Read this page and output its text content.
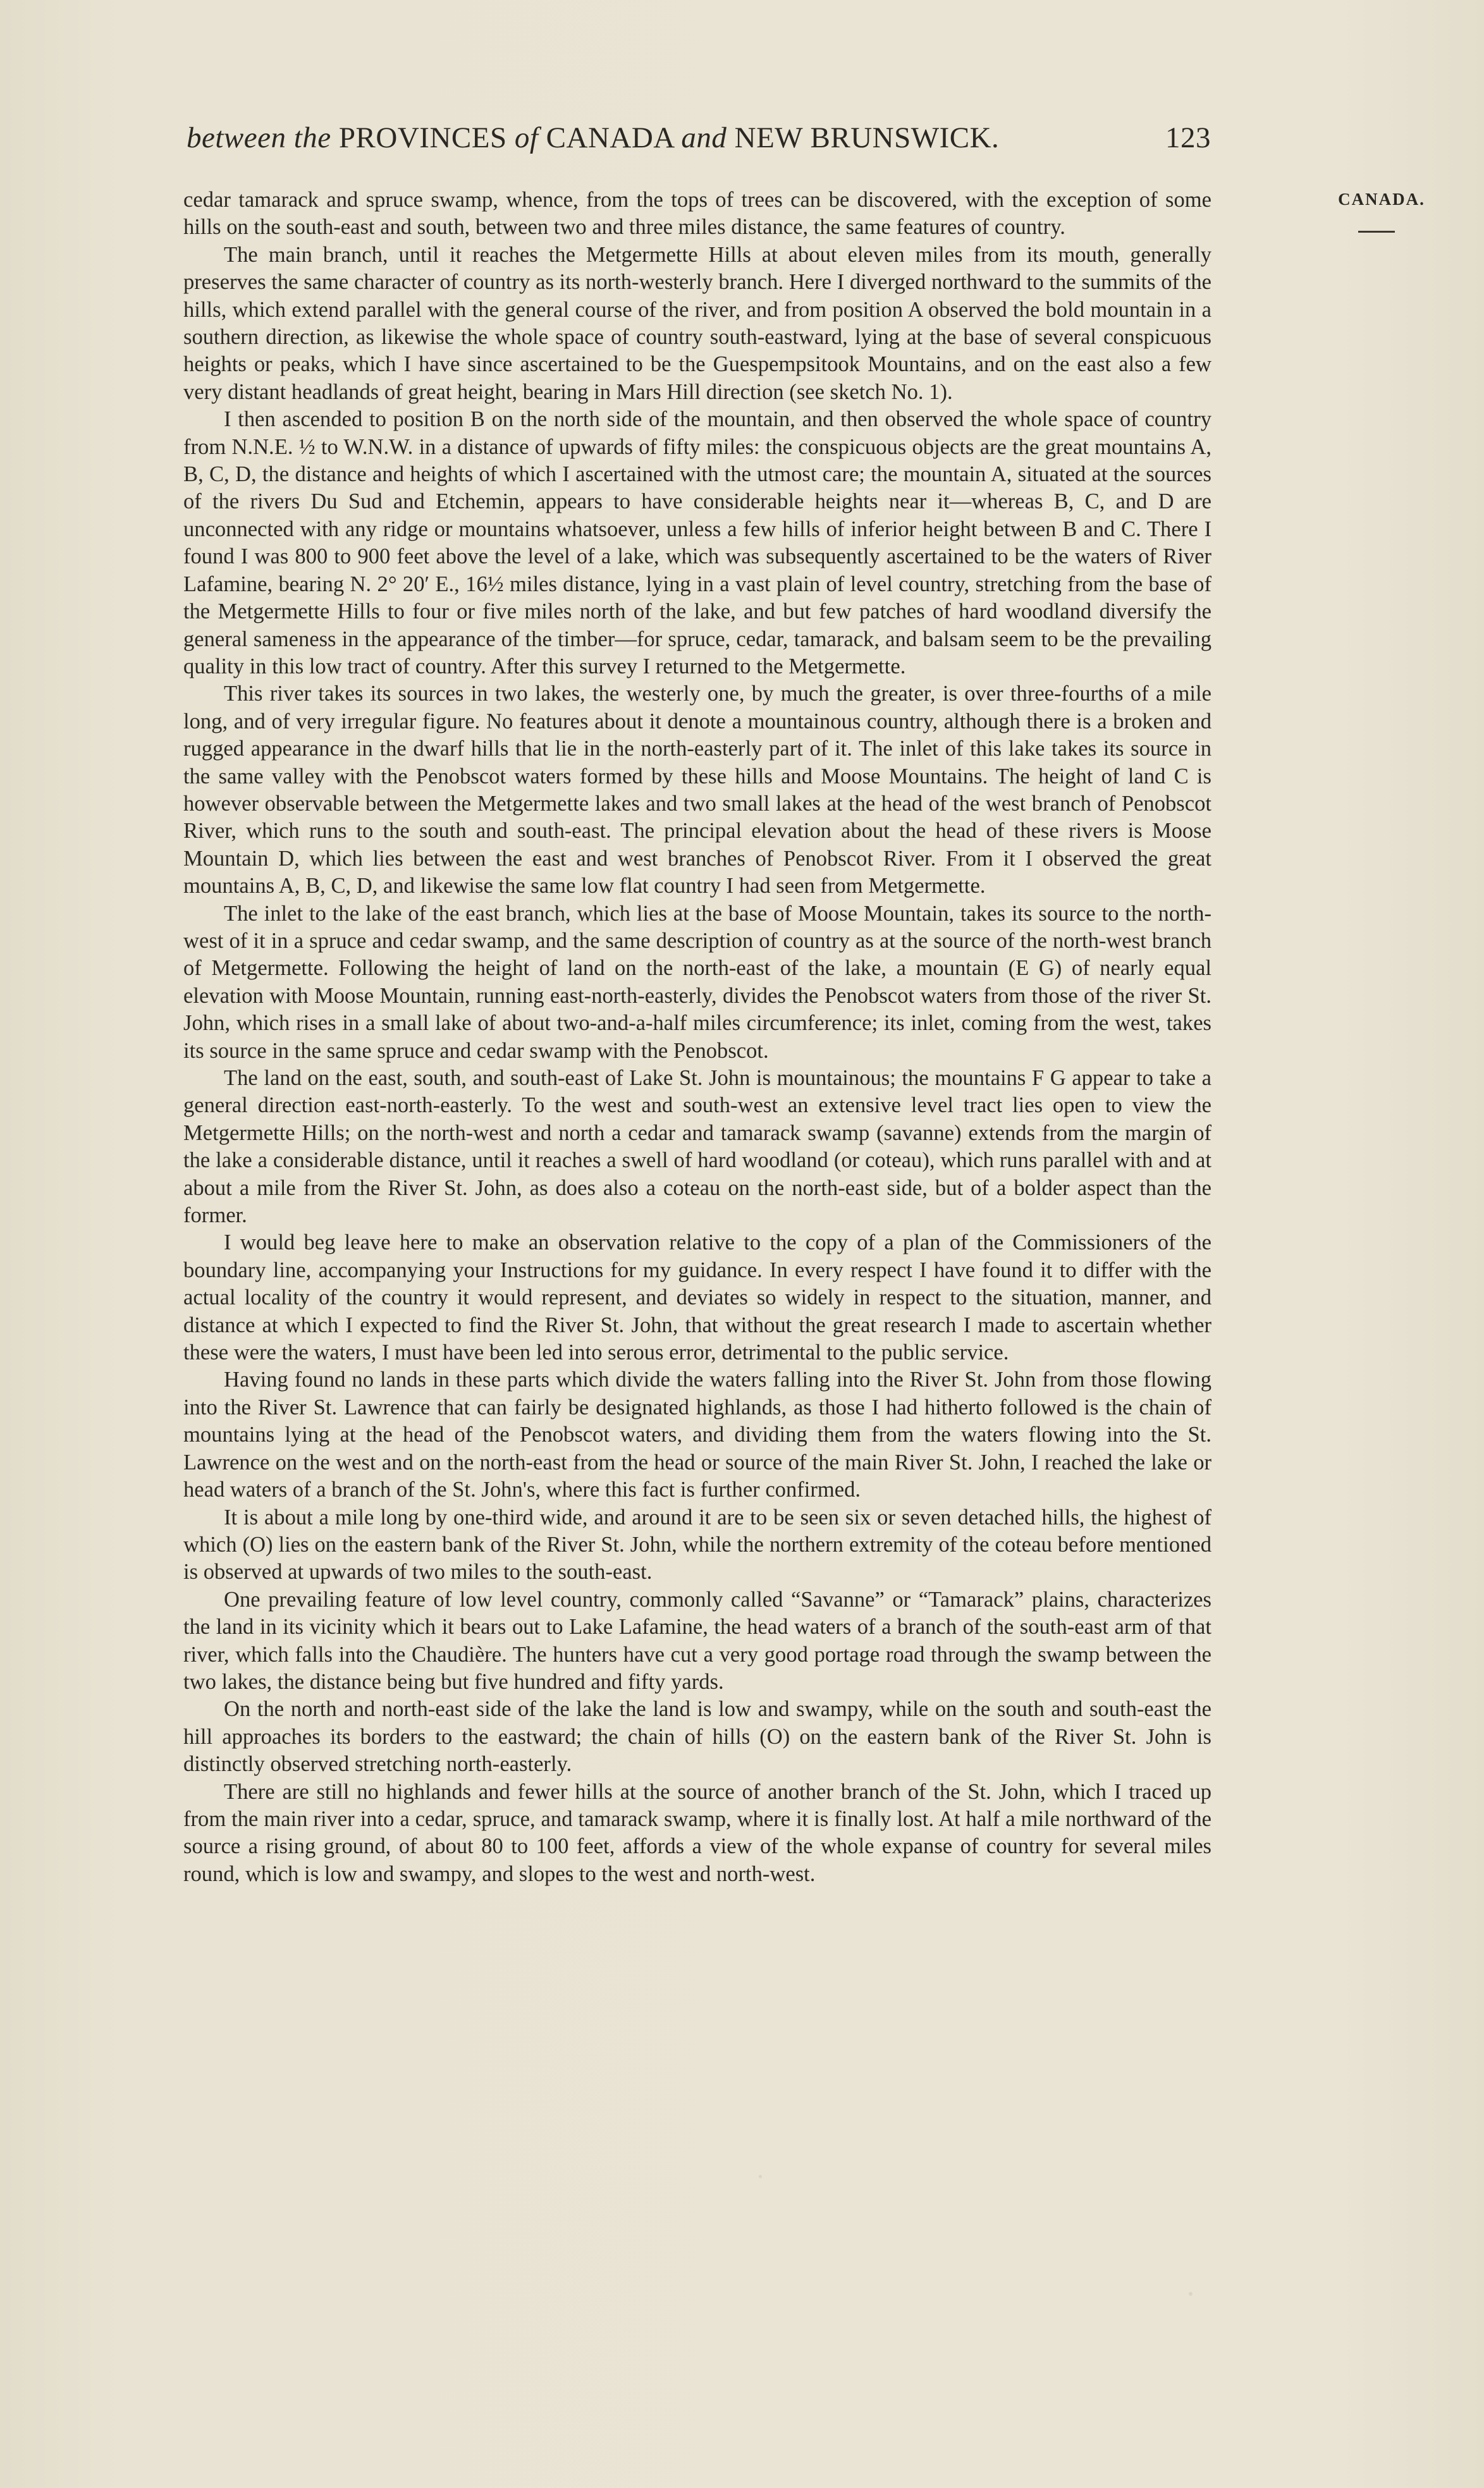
between the PROVINCES of CANADA and NEW BRUNSWICK.	123
CANADA.

cedar tamarack and spruce swamp, whence, from the tops of trees can be discovered, with the exception of some hills on the south-east and south, between two and three miles distance, the same features of country.

The main branch, until it reaches the Metgermette Hills at about eleven miles from its mouth, generally preserves the same character of country as its north-westerly branch. Here I diverged northward to the summits of the hills, which extend parallel with the general course of the river, and from position A observed the bold mountain in a southern direction, as likewise the whole space of country south-eastward, lying at the base of several conspicuous heights or peaks, which I have since ascertained to be the Guespempsitook Mountains, and on the east also a few very distant headlands of great height, bearing in Mars Hill direction (see sketch No. 1).

I then ascended to position B on the north side of the mountain, and then observed the whole space of country from N.N.E. ½ to W.N.W. in a distance of upwards of fifty miles: the conspicuous objects are the great mountains A, B, C, D, the distance and heights of which I ascertained with the utmost care; the mountain A, situated at the sources of the rivers Du Sud and Etchemin, appears to have considerable heights near it—whereas B, C, and D are unconnected with any ridge or mountains whatsoever, unless a few hills of inferior height between B and C. There I found I was 800 to 900 feet above the level of a lake, which was subsequently ascertained to be the waters of River Lafamine, bearing N. 2° 20′ E., 16½ miles distance, lying in a vast plain of level country, stretching from the base of the Metgermette Hills to four or five miles north of the lake, and but few patches of hard woodland diversify the general sameness in the appearance of the timber—for spruce, cedar, tamarack, and balsam seem to be the prevailing quality in this low tract of country. After this survey I returned to the Metgermette.

This river takes its sources in two lakes, the westerly one, by much the greater, is over three-fourths of a mile long, and of very irregular figure. No features about it denote a mountainous country, although there is a broken and rugged appearance in the dwarf hills that lie in the north-easterly part of it. The inlet of this lake takes its source in the same valley with the Penobscot waters formed by these hills and Moose Mountains. The height of land C is however observable between the Metgermette lakes and two small lakes at the head of the west branch of Penobscot River, which runs to the south and south-east. The principal elevation about the head of these rivers is Moose Mountain D, which lies between the east and west branches of Penobscot River. From it I observed the great mountains A, B, C, D, and likewise the same low flat country I had seen from Metgermette.

The inlet to the lake of the east branch, which lies at the base of Moose Mountain, takes its source to the north-west of it in a spruce and cedar swamp, and the same description of country as at the source of the north-west branch of Metgermette. Following the height of land on the north-east of the lake, a mountain (E G) of nearly equal elevation with Moose Mountain, running east-north-easterly, divides the Penobscot waters from those of the river St. John, which rises in a small lake of about two-and-a-half miles circumference; its inlet, coming from the west, takes its source in the same spruce and cedar swamp with the Penobscot.

The land on the east, south, and south-east of Lake St. John is mountainous; the mountains F G appear to take a general direction east-north-easterly. To the west and south-west an extensive level tract lies open to view the Metgermette Hills; on the north-west and north a cedar and tamarack swamp (savanne) extends from the margin of the lake a considerable distance, until it reaches a swell of hard woodland (or coteau), which runs parallel with and at about a mile from the River St. John, as does also a coteau on the north-east side, but of a bolder aspect than the former.

I would beg leave here to make an observation relative to the copy of a plan of the Commissioners of the boundary line, accompanying your Instructions for my guidance. In every respect I have found it to differ with the actual locality of the country it would represent, and deviates so widely in respect to the situation, manner, and distance at which I expected to find the River St. John, that without the great research I made to ascertain whether these were the waters, I must have been led into serous error, detrimental to the public service.

Having found no lands in these parts which divide the waters falling into the River St. John from those flowing into the River St. Lawrence that can fairly be designated highlands, as those I had hitherto followed is the chain of mountains lying at the head of the Penobscot waters, and dividing them from the waters flowing into the St. Lawrence on the west and on the north-east from the head or source of the main River St. John, I reached the lake or head waters of a branch of the St. John's, where this fact is further confirmed.

It is about a mile long by one-third wide, and around it are to be seen six or seven detached hills, the highest of which (O) lies on the eastern bank of the River St. John, while the northern extremity of the coteau before mentioned is observed at upwards of two miles to the south-east.

One prevailing feature of low level country, commonly called “Savanne” or “Tamarack” plains, characterizes the land in its vicinity which it bears out to Lake Lafamine, the head waters of a branch of the south-east arm of that river, which falls into the Chaudière. The hunters have cut a very good portage road through the swamp between the two lakes, the distance being but five hundred and fifty yards.

On the north and north-east side of the lake the land is low and swampy, while on the south and south-east the hill approaches its borders to the eastward; the chain of hills (O) on the eastern bank of the River St. John is distinctly observed stretching north-easterly.

There are still no highlands and fewer hills at the source of another branch of the St. John, which I traced up from the main river into a cedar, spruce, and tamarack swamp, where it is finally lost. At half a mile northward of the source a rising ground, of about 80 to 100 feet, affords a view of the whole expanse of country for several miles round, which is low and swampy, and slopes to the west and north-west.
